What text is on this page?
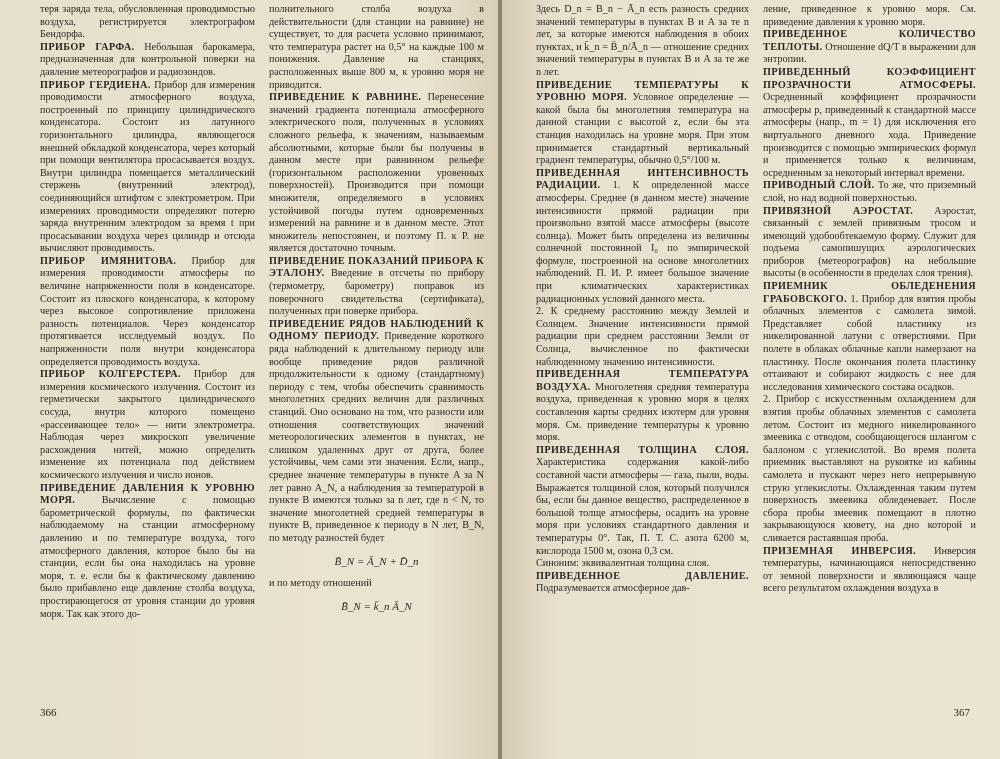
теря заряда тела, обусловленная проводимостью воздуха, регистрируется электрографом Бендорфа.

ПРИБОР ГАРФА. Небольшая барокамера, предназначенная для контрольной поверки на давление метеорографов и радиозондов.

ПРИБОР ГЕРДИЕНА. Прибор для измерения проводимости атмосферного воздуха, построенный по принципу цилиндрического конденсатора. Состоит из латунного горизонтального цилиндра, являющегося внешней обкладкой конденсатора, через который при помощи вентилятора просасывается воздух. Внутри цилиндра помещается металлический стержень (внутренний электрод), соединяющийся штифтом с электрометром. При измерениях проводимости определяют потерю заряда внутренним электродом за время t при просасывании воздуха через цилиндр и отсюда вычисляют проводимость.

ПРИБОР ИМЯНИТОВА. Прибор для измерения проводимости атмосферы по величине напряженности поля в конденсаторе. Состоит из плоского конденсатора, к которому через высокое сопротивление приложена разность потенциалов. Через конденсатор протягивается исследуемый воздух. По напряженности поля внутри конденсатора определяется проводимость воздуха.

ПРИБОР КОЛГЕРСТЕРА. Прибор для измерения космического излучения. Состоит из герметически закрытого цилиндрического сосуда, внутри которого помещено «рассеивающее тело» — нити электрометра. Наблюдая через микроскоп увеличение расхождения нитей, можно определить изменение их потенциала под действием космического излучения и число ионов.

ПРИВЕДЕНИЕ ДАВЛЕНИЯ К УРОВНЮ МОРЯ.	Вычисление с помощью барометрической формулы, по фактически наблюдаемому на станции атмосферному давлению и по температуре воздуха, того атмосферного давления, которое было бы на станции, если бы она находилась на уровне моря, т. е. если бы к фактическому давлению было прибавлено еще давление столба воздуха, простирающегося от уровня станции до уровня моря. Так как этого до-

полнительного столба воздуха в действительности (для станции на равнине) не существует, то для расчета условно принимают, что температура растет на 0,5° на каждые 100 м понижения. Давление на станциях, расположенных выше 800 м, к уровню моря не приводится.

ПРИВЕДЕНИЕ К РАВНИНЕ. Перенесение значений градиента потенциала атмосферного электрического поля, полученных в условиях сложного рельефа, к значениям, называемым абсолютными, которые были бы получены в данном месте при равнинном рельефе (горизонтальном расположении уровенных поверхностей). Производится при помощи множителя, определяемого в условиях устойчивой погоды путем одновременных измерений на равнине и в данном месте. Этот множитель непостоянен, и поэтому П. к Р. не является достаточно точным.

ПРИВЕДЕНИЕ ПОКАЗАНИЙ ПРИБОРА К ЭТАЛОНУ. Введение в отсчеты по прибору (термометру, барометру) поправок из поверочного свидетельства (сертификата), полученных при поверке прибора.

ПРИВЕДЕНИЕ РЯДОВ НАБЛЮДЕНИЙ К ОДНОМУ ПЕРИОДУ. Приведение короткого ряда наблюдений к длительному периоду или вообще приведение рядов различной продолжительности к одному (стандартному) периоду с тем, чтобы обеспечить сравнимость многолетних средних величин для различных станций. Оно основано на том, что разности или отношения соответствующих значений метеорологических элементов в пунктах, не слишком удаленных друг от друга, более устойчивы, чем сами эти значения. Если, напр., среднее значение температуры в пункте A за N лет равно A_N, а наблюдения за температурой в пункте B имеются только за n лет, где n < N, то значение многолетней средней температуры в пункте B, приведенное к периоду в N лет, B_N, по методу разностей будет

B̄_N = Ā_N + D̄_n

и по методу отношений

B̄_N = k̄_n Ā_N
366

Здесь D̄_n = B̄_n − Ā_n есть разность средних значений температуры в пунктах B и A за те n лет, за которые имеются наблюдения в обоих пунктах, и k̄_n = B̄_n/Ā_n — отношение средних значений температуры в пунктах B и A за те же n лет.

ПРИВЕДЕНИЕ ТЕМПЕРАТУРЫ К УРОВНЮ МОРЯ. Условное определение — какой была бы многолетняя температура на данной станции с высотой z, если бы эта станция находилась на уровне моря. При этом принимается стандартный вертикальный градиент температуры, обычно 0,5°/100 м.

ПРИВЕДЕННАЯ ИНТЕНСИВНОСТЬ РАДИАЦИИ. 1. К определенной массе атмосферы. Среднее (в данном месте) значение интенсивности прямой радиации при произвольно взятой массе атмосферы (высоте солнца). Может быть определена из величины солнечной постоянной I₀ по эмпирической формуле, построенной на основе многолетних наблюдений. П. И. Р. имеет большое значение при климатических характеристиках радиационных условий данного места.

2. К среднему расстоянию между Землей и Солнцем. Значение интенсивности прямой радиации при среднем расстоянии Земли от Солнца, вычисленное по фактически наблюденному значению интенсивности.

ПРИВЕДЕННАЯ ТЕМПЕРАТУРА ВОЗДУХА. Многолетняя средняя температура воздуха, приведенная к уровню моря в целях составления карты средних изотерм для уровня моря. См. приведение температуры к уровню моря.

ПРИВЕДЕННАЯ ТОЛЩИНА СЛОЯ. Характеристика содержания какой-либо составной части атмосферы — газа, пыли, воды. Выражается толщиной слоя, который получился бы, если бы данное вещество, распределенное в большой толще атмосферы, осадить на уровне моря при условиях стандартного давления и температуры 0°. Так, П. Т. С. азота 6200 м, кислорода 1500 м, озона 0,3 см.

Синоним: эквивалентная толщина слоя.

ПРИВЕДЕННОЕ ДАВЛЕНИЕ. Подразумевается атмосферное дав-

ление, приведенное к уровню моря. См. приведение давления к уровню моря.

ПРИВЕДЕННОЕ КОЛИЧЕСТВО ТЕПЛОТЫ. Отношение dQ/T в выражении для энтропии.

ПРИВЕДЕННЫЙ КОЭФФИЦИЕНТ ПРОЗРАЧНОСТИ АТМОСФЕРЫ. Осредненный коэффициент прозрачности атмосферы p, приведенный к стандартной массе атмосферы (напр., m = 1) для исключения его виртуального дневного хода. Приведение производится с помощью эмпирических формул и применяется только к величинам, осредненным за некоторый интервал времени.

ПРИВОДНЫЙ СЛОЙ. То же, что приземный слой, но над водной поверхностью.

ПРИВЯЗНОЙ АЭРОСТАТ. Аэростат, связанный с землей привязным тросом и имеющий удобообтекаемую форму. Служит для подъема самопишущих аэрологических приборов (метеорографов) на небольшие высоты (в особенности в пределах слоя трения).

ПРИЕМНИК ОБЛЕДЕНЕНИЯ ГРАБОВСКОГО. 1. Прибор для взятия пробы облачных элементов с самолета зимой. Представляет собой пластинку из никелированной латуни с отверстиями. При полете в облаках облачные капли намерзают на пластинку. После окончания полета пластинку оттаивают и собирают жидкость с нее для исследования химического состава осадков.

2. Прибор с искусственным охлаждением для взятия пробы облачных элементов с самолета летом. Состоит из медного никелированного змеевика с отводом, сообщающегося шлангом с баллоном с углекислотой. Во время полета приемник выставляют на рукоятке из кабины самолета и пускают через него непрерывную струю углекислоты. Охлажденная таким путем поверхность змеевика обледеневает. После сбора пробы змеевик помещают в плотно закрывающуюся кювету, на дно которой и сливается растаявшая проба.

ПРИЗЕМНАЯ ИНВЕРСИЯ. Инверсия температуры, начинающаяся непосредственно от земной поверхности и являющаяся чаще всего результатом охлаждения воздуха в

367
